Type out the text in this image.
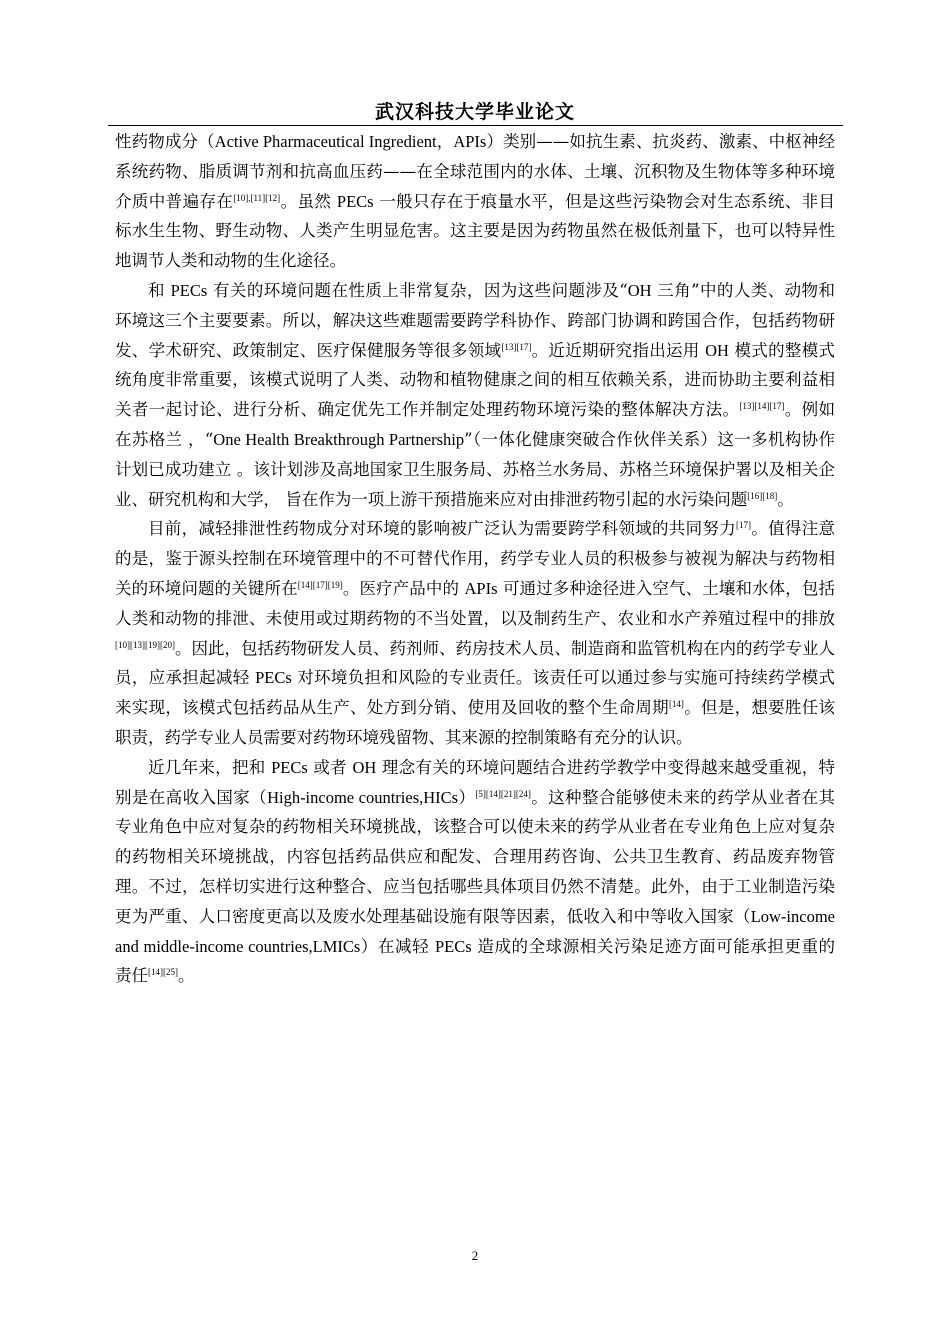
武汉科技大学毕业论文

性药物成分（Active Pharmaceutical Ingredient，APIs）类别——如抗生素、抗炎药、激素、中枢神经系统药物、脂质调节剂和抗高血压药——在全球范围内的水体、土壤、沉积物及生物体等多种环境介质中普遍存在[10],[11][12]。虽然 PECs 一般只存在于痕量水平，但是这些污染物会对生态系统、非目标水生生物、野生动物、人类产生明显危害。这主要是因为药物虽然在极低剂量下，也可以特异性地调节人类和动物的生化途径。

和 PECs 有关的环境问题在性质上非常复杂，因为这些问题涉及“OH 三角”中的人类、动物和环境这三个主要要素。所以，解决这些难题需要跨学科协作、跨部门协调和跨国合作，包括药物研发、学术研究、政策制定、医疗保健服务等很多领域[13][17]。近近期研究指出运用 OH 模式的整模式统角度非常重要，该模式说明了人类、动物和植物健康之间的相互依赖关系，进而协助主要利益相关者一起讨论、进行分析、确定优先工作并制定处理药物环境污染的整体解决方法。[13][14][17]。例如在苏格兰 ，“One Health Breakthrough Partnership”（一体化健康突破合作伙伴关系）这一多机构协作计划已成功建立 。该计划涉及高地国家卫生服务局、苏格兰水务局、苏格兰环境保护署以及相关企业、研究机构和大学， 旨在作为一项上游干预措施来应对由排泄药物引起的水污染问题[16][18]。

目前，减轻排泄性药物成分对环境的影响被广泛认为需要跨学科领域的共同努力[17]。值得注意的是，鉴于源头控制在环境管理中的不可替代作用，药学专业人员的积极参与被视为解决与药物相关的环境问题的关键所在[14][17][19]。医疗产品中的 APIs 可通过多种途径进入空气、土壤和水体，包括人类和动物的排泄、未使用或过期药物的不当处置，以及制药生产、农业和水产养殖过程中的排放[10][13][19][20]。因此，包括药物研发人员、药剂师、药房技术人员、制造商和监管机构在内的药学专业人员，应承担起减轻 PECs 对环境负担和风险的专业责任。该责任可以通过参与实施可持续药学模式来实现，该模式包括药品从生产、处方到分销、使用及回收的整个生命周期[14]。但是，想要胜任该职责，药学专业人员需要对药物环境残留物、其来源的控制策略有充分的认识。

近几年来，把和 PECs 或者 OH 理念有关的环境问题结合进药学教学中变得越来越受重视，特别是在高收入国家（High-income countries,HICs）[5][14][21][24]。这种整合能够使未来的药学从业者在其专业角色中应对复杂的药物相关环境挑战，该整合可以使未来的药学从业者在专业角色上应对复杂的药物相关环境挑战，内容包括药品供应和配发、合理用药咨询、公共卫生教育、药品废弃物管理。不过，怎样切实进行这种整合、应当包括哪些具体项目仍然不清楚。此外，由于工业制造污染更为严重、人口密度更高以及废水处理基础设施有限等因素，低收入和中等收入国家（Low-income and middle-income countries,LMICs）在减轻 PECs 造成的全球源相关污染足迹方面可能承担更重的责任[14][25]。

2
